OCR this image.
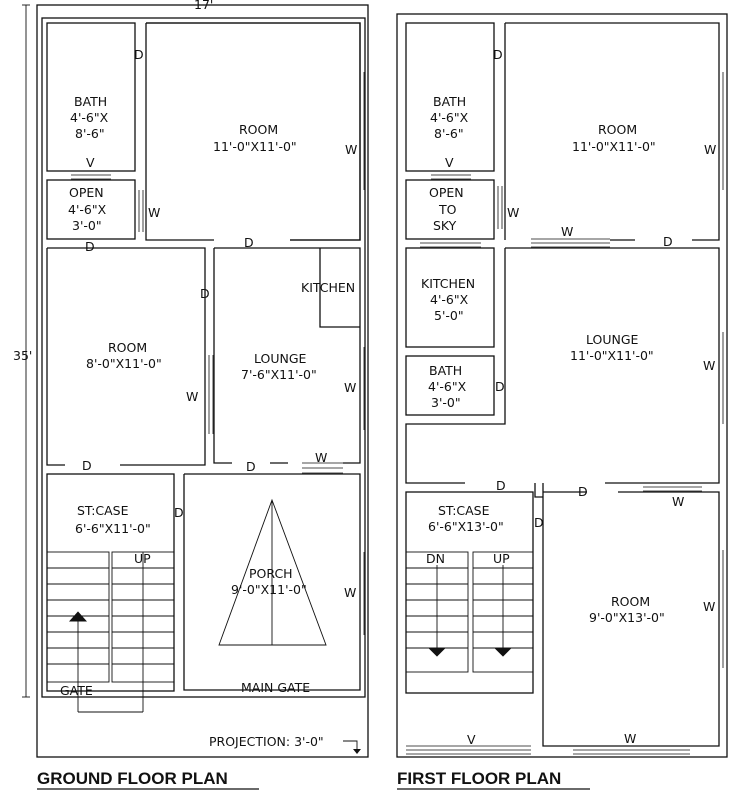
17'
35'
BATH
4'-6"X
8'-6"	ROOM
11'-0"X11'-0"
OPEN
4'-6"X
3'-0"
ROOM
8'-0"X11'-0"
KITCHEN
LOUNGE
7'-6"X11'-0"
ST:CASE
6'-6"X11'-0"
PORCH
9'-0"X11'-0"
UP
GATE	MAIN GATE
PROJECTION: 3'-0"
D
V
W
W
D	D
D
W
W
D	D
W
D
W
GROUND FLOOR PLAN
BATH
4'-6"X
8'-6"	ROOM
11'-0"X11'-0"
OPEN
TO
SKY
KITCHEN
4'-6"X
5'-0"
LOUNGE
11'-0"X11'-0"
BATH
4'-6"X
3'-0"
ST:CASE
6'-6"X13'-0"
ROOM
9'-0"X13'-0"
DN	UP
D
V
W
W
W
D
W
D
D	D
W
D
W
V	W
FIRST FLOOR PLAN
